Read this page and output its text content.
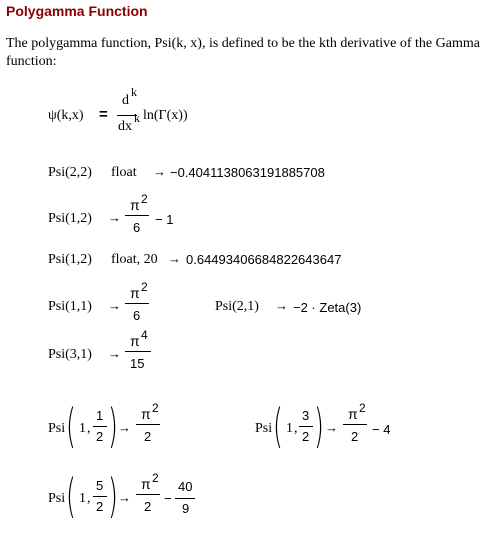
Polygamma Function
The polygamma function, Psi(k, x), is defined to be the kth derivative of the Gamma function:
ψ(k,x) =
d
k
dx
k ln(Γ(x))
Psi(2,2) float → −0.4041138063191885708
Psi(1,2) →
π 2
6
− 1
Psi(1,2) float, 20 → 0.64493406684822643647
Psi(1,1) →
π 2
6
Psi(2,1) → −2 · Zeta(3)
Psi(3,1) →
π 4
15
Psi ( 1 ,
1
2 ) →
π 2
2
Psi ( 1 ,
3
2 ) →
π 2
2 − 4
Psi ( 1 ,
5
2 ) →
π 2
2
−
40
9
